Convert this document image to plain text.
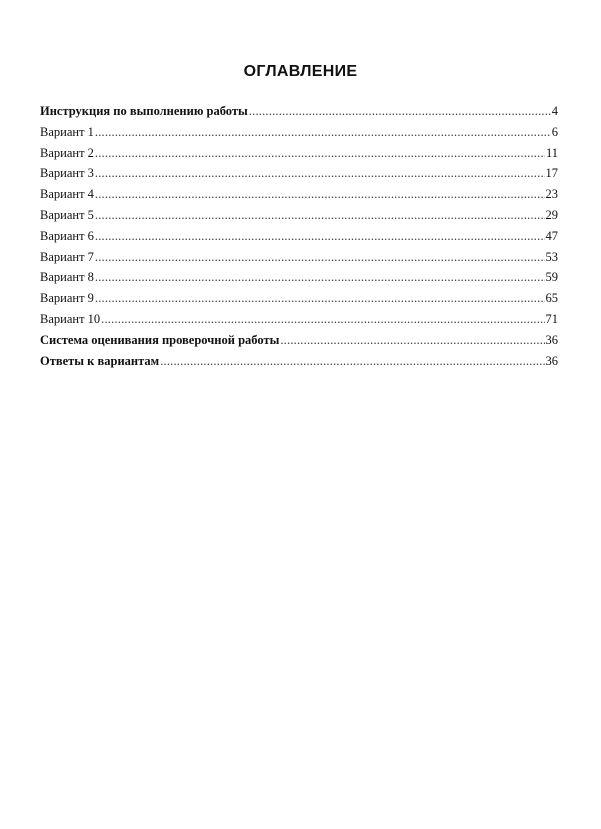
ОГЛАВЛЕНИЕ
Инструкция по выполнению работы .....	4
Вариант 1 .....	6
Вариант 2 .....	11
Вариант 3 .....	17
Вариант 4 .....	23
Вариант 5 .....	29
Вариант 6 .....	47
Вариант 7 .....	53
Вариант 8 .....	59
Вариант 9 .....	65
Вариант 10 .....	71
Система оценивания проверочной работы .....	36
Ответы к вариантам .....	36
